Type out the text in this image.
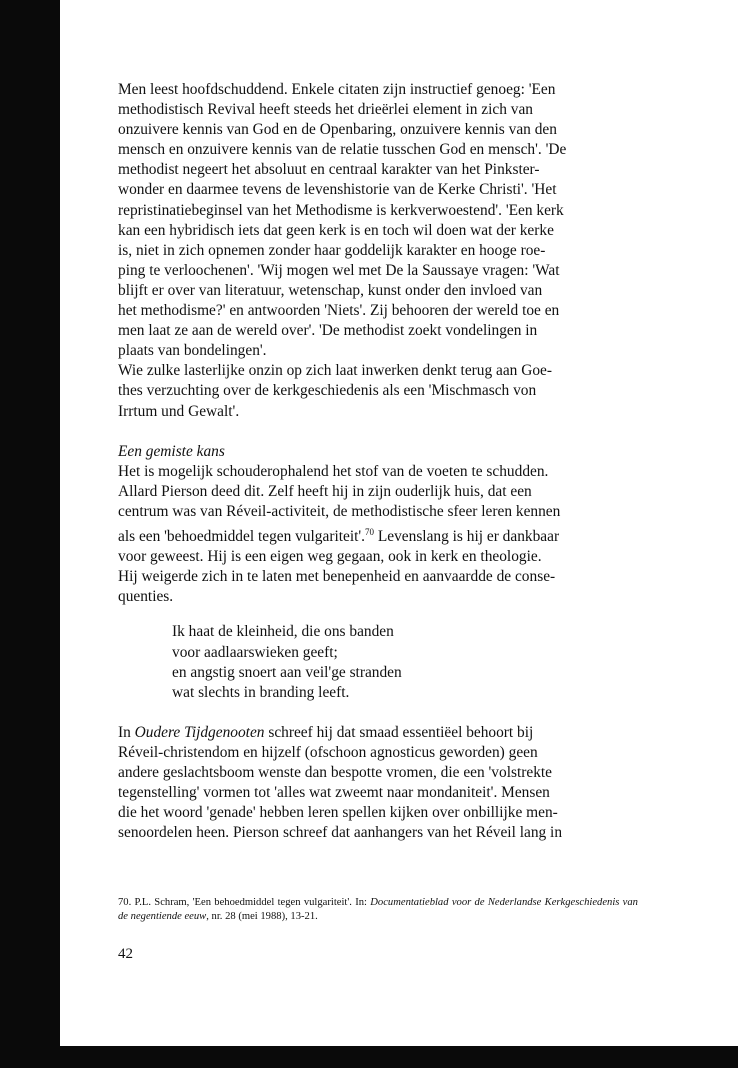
Men leest hoofdschuddend. Enkele citaten zijn instructief genoeg: 'Een

methodistisch Revival heeft steeds het drieërlei element in zich van

onzuivere kennis van God en de Openbaring, onzuivere kennis van den

mensch en onzuivere kennis van de relatie tusschen God en mensch'. 'De

methodist negeert het absoluut en centraal karakter van het Pinkster-

wonder en daarmee tevens de levenshistorie van de Kerke Christi'. 'Het

repristinatiebeginsel van het Methodisme is kerkverwoestend'. 'Een kerk

kan een hybridisch iets dat geen kerk is en toch wil doen wat der kerke

is, niet in zich opnemen zonder haar goddelijk karakter en hooge roe-

ping te verloochenen'. 'Wij mogen wel met De la Saussaye vragen: 'Wat

blijft er over van literatuur, wetenschap, kunst onder den invloed van

het methodisme?' en antwoorden 'Niets'. Zij behooren der wereld toe en

men laat ze aan de wereld over'. 'De methodist zoekt vondelingen in

plaats van bondelingen'.

Wie zulke lasterlijke onzin op zich laat inwerken denkt terug aan Goe-

thes verzuchting over de kerkgeschiedenis als een 'Mischmasch von

Irrtum und Gewalt'.

Een gemiste kans

Het is mogelijk schouderophalend het stof van de voeten te schudden.

Allard Pierson deed dit. Zelf heeft hij in zijn ouderlijk huis, dat een

centrum was van Réveil-activiteit, de methodistische sfeer leren kennen

als een 'behoedmiddel tegen vulgariteit'.$^{70}$ Levenslang is hij er dankbaar

voor geweest. Hij is een eigen weg gegaan, ook in kerk en theologie.

Hij weigerde zich in te laten met benepenheid en aanvaardde de conse-

quenties.

Ik haat de kleinheid, die ons banden
voor aadlaarswieken geeft;
en angstig snoert aan veil'ge stranden
wat slechts in branding leeft.

In Oudere Tijdgenooten schreef hij dat smaad essentiëel behoort bij

Réveil-christendom en hijzelf (ofschoon agnosticus geworden) geen

andere geslachtsboom wenste dan bespotte vromen, die een 'volstrekte

tegenstelling' vormen tot 'alles wat zweemt naar mondaniteit'. Mensen

die het woord 'genade' hebben leren spellen kijken over onbillijke men-

senoordelen heen. Pierson schreef dat aanhangers van het Réveil lang in

70. P.L. Schram, 'Een behoedmiddel tegen vulgariteit'. In: Documentatieblad voor de Nederlandse Kerkgeschiedenis van de negentiende eeuw, nr. 28 (mei 1988), 13-21.

42
